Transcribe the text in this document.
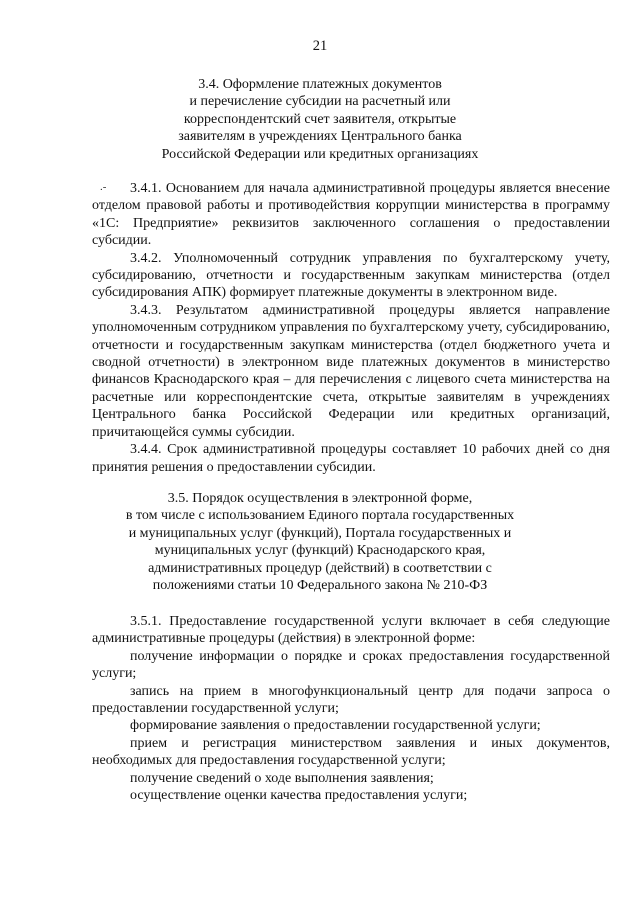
21
3.4. Оформление платежных документов
и перечисление субсидии на расчетный или
корреспондентский счет заявителя, открытые
заявителям в учреждениях Центрального банка
Российской Федерации или кредитных организациях
.-	3.4.1. Основанием для начала административной процедуры является внесение отделом правовой работы и противодействия коррупции министерства в программу «1С: Предприятие» реквизитов заключенного соглашения о предоставлении субсидии.
3.4.2. Уполномоченный сотрудник управления по бухгалтерскому учету, субсидированию, отчетности и государственным закупкам министерства (отдел субсидирования АПК) формирует платежные документы в электронном виде.
3.4.3. Результатом административной процедуры является направление уполномоченным сотрудником управления по бухгалтерскому учету, субсидированию, отчетности и государственным закупкам министерства (отдел бюджетного учета и сводной отчетности) в электронном виде платежных документов в министерство финансов Краснодарского края – для перечисления с лицевого счета министерства на расчетные или корреспондентские счета, открытые заявителям в учреждениях Центрального банка Российской Федерации или кредитных организаций, причитающейся суммы субсидии.
3.4.4. Срок административной процедуры составляет 10 рабочих дней со дня принятия решения о предоставлении субсидии.
3.5. Порядок осуществления в электронной форме,
в том числе с использованием Единого портала государственных
и муниципальных услуг (функций), Портала государственных и
муниципальных услуг (функций) Краснодарского края,
административных процедур (действий) в соответствии с
положениями статьи 10 Федерального закона № 210-ФЗ
3.5.1. Предоставление государственной услуги включает в себя следующие административные процедуры (действия) в электронной форме:
получение информации о порядке и сроках предоставления государственной услуги;
запись на прием в многофункциональный центр для подачи запроса о предоставлении государственной услуги;
формирование заявления о предоставлении государственной услуги;
прием и регистрация министерством заявления и иных документов, необходимых для предоставления государственной услуги;
получение сведений о ходе выполнения заявления;
осуществление оценки качества предоставления услуги;
